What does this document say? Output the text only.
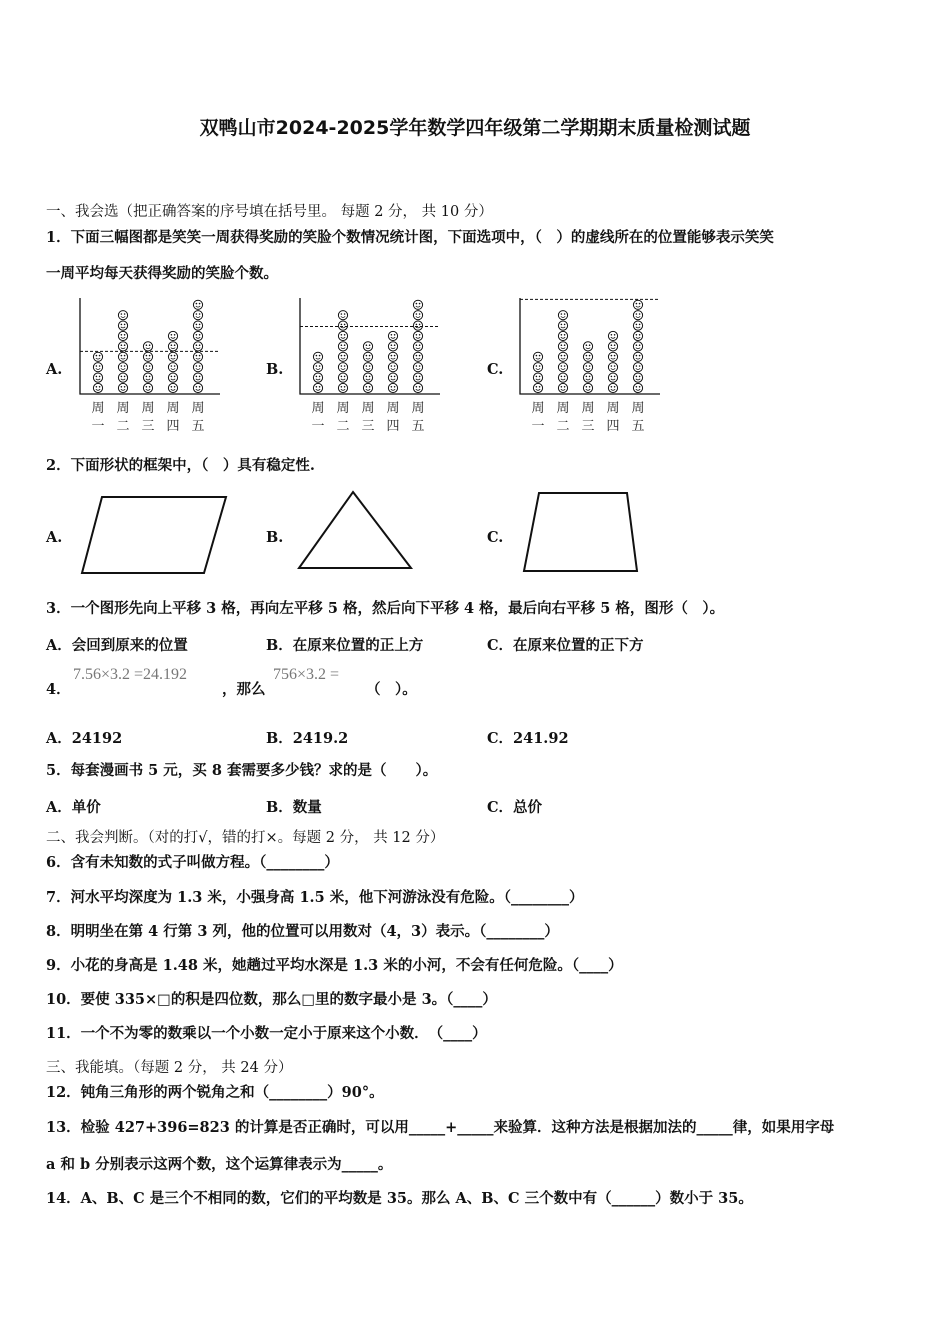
双鸭山市2024-2025学年数学四年级第二学期期末质量检测试题
一、我会选（把正确答案的序号填在括号里。 每题 2 分， 共 10 分）
1．下面三幅图都是笑笑一周获得奖励的笑脸个数情况统计图，下面选项中，（　）的虚线所在的位置能够表示笑笑
一周平均每天获得奖励的笑脸个数。
A.	B.	C.
周
一
周
二
周
三
周
四
周
五
周
一
周
二
周
三
周
四
周
五
周
一
周
二
周
三
周
四
周
五
2．下面形状的框架中，（　）具有稳定性.
A.	B.	C.
3．一个图形先向上平移 3 格，再向左平移 5 格，然后向下平移 4 格，最后向右平移 5 格，图形（　）。
A．会回到原来的位置	B．在原来位置的正上方	C．在原来位置的正下方
4．
7.56×3.2 =24.192
，那么
756×3.2 =
（　）。
A．24192	B．2419.2	C．241.92
5．每套漫画书 5 元，买 8 套需要多少钱？求的是（　　）。
A．单价	B．数量	C．总价
二、我会判断。（对的打√，错的打×。每题 2 分， 共 12 分）
6．含有未知数的式子叫做方程。（________）
7．河水平均深度为 1.3 米，小强身高 1.5 米，他下河游泳没有危险。（________）
8．明明坐在第 4 行第 3 列，他的位置可以用数对（4，3）表示。（________）
9．小花的身高是 1.48 米，她趟过平均水深是 1.3 米的小河，不会有任何危险。（____）
10．要使 335×□的积是四位数，那么□里的数字最小是 3。（____）
11．一个不为零的数乘以一个小数一定小于原来这个小数．　（____）
三、我能填。（每题 2 分， 共 24 分）
12．钝角三角形的两个锐角之和（________）90°。
13．检验 427+396=823 的计算是否正确时，可以用_____+_____来验算．这种方法是根据加法的_____律，如果用字母
a 和 b 分别表示这两个数，这个运算律表示为_____。
14．A、B、C 是三个不相同的数，它们的平均数是 35。那么 A、B、C 三个数中有（______）数小于 35。
